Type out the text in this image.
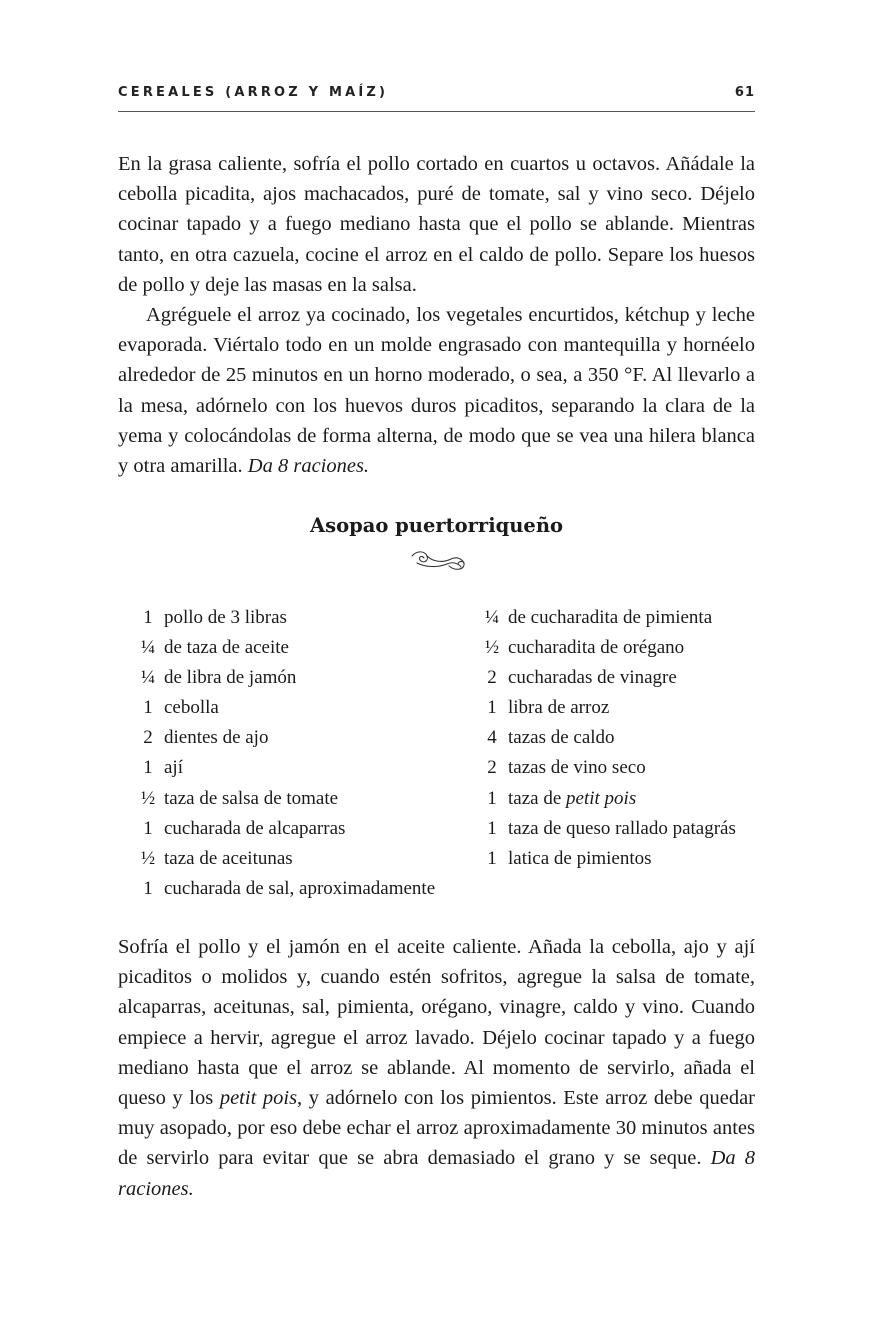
CEREALES (ARROZ Y MAÍZ)	61

En la grasa caliente, sofría el pollo cortado en cuartos u octavos. Añádale la cebolla picadita, ajos machacados, puré de tomate, sal y vino seco. Déjelo cocinar tapado y a fuego mediano hasta que el pollo se ablande. Mientras tanto, en otra cazuela, cocine el arroz en el caldo de pollo. Separe los huesos de pollo y deje las masas en la salsa.

Agréguele el arroz ya cocinado, los vegetales encurtidos, kétchup y leche evaporada. Viértalo todo en un molde engrasado con mantequilla y hornéelo alrededor de 25 minutos en un horno moderado, o sea, a 350 °F. Al llevarlo a la mesa, adórnelo con los huevos duros picaditos, separando la clara de la yema y colocándolas de forma alterna, de modo que se vea una hilera blanca y otra amarilla. Da 8 raciones.

Asopao puertorriqueño
1 pollo de 3 libras
¼ de taza de aceite
¼ de libra de jamón
1 cebolla
2 dientes de ajo
1 ají
½ taza de salsa de tomate
1 cucharada de alcaparras
½ taza de aceitunas
1 cucharada de sal, aproximadamente
¼ de cucharadita de pimienta
½ cucharadita de orégano
2 cucharadas de vinagre
1 libra de arroz
4 tazas de caldo
2 tazas de vino seco
1 taza de petit pois
1 taza de queso rallado patagrás
1 latica de pimientos

Sofría el pollo y el jamón en el aceite caliente. Añada la cebolla, ajo y ají picaditos o molidos y, cuando estén sofritos, agregue la salsa de tomate, alcaparras, aceitunas, sal, pimienta, orégano, vinagre, caldo y vino. Cuando empiece a hervir, agregue el arroz lavado. Déjelo cocinar tapado y a fuego mediano hasta que el arroz se ablande. Al momento de servirlo, añada el queso y los petit pois, y adórnelo con los pimientos. Este arroz debe quedar muy asopado, por eso debe echar el arroz aproximadamente 30 minutos antes de servirlo para evitar que se abra demasiado el grano y se seque. Da 8 raciones.
